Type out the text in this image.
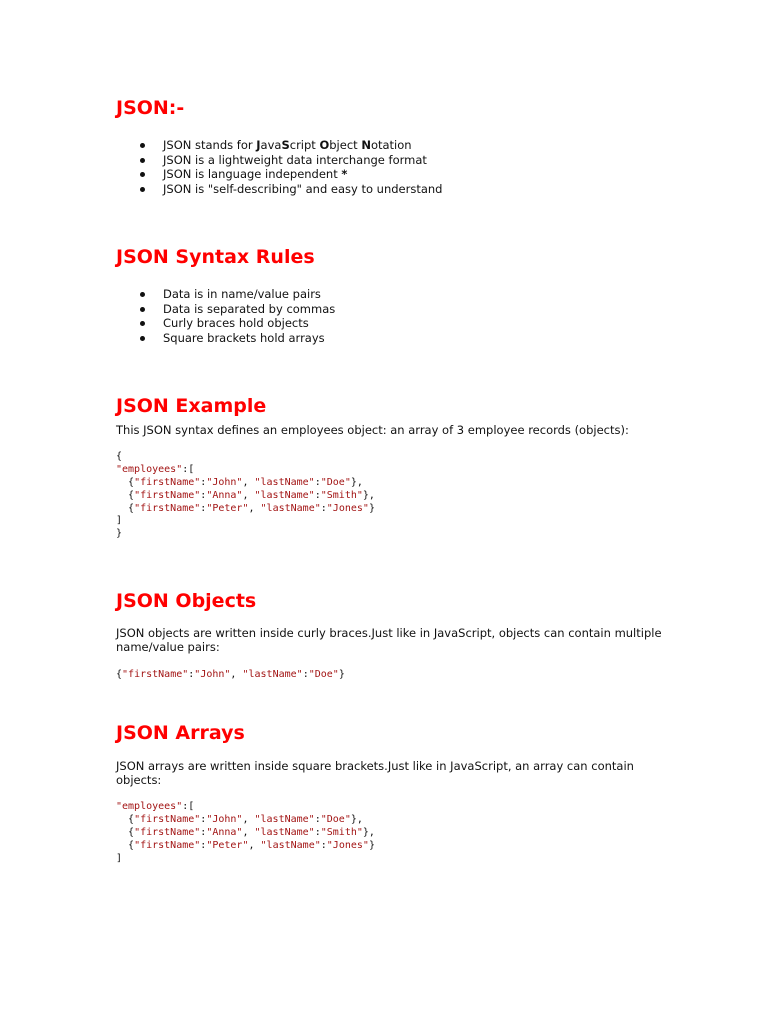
JSON:-
JSON stands for JavaScript Object Notation
JSON is a lightweight data interchange format
JSON is language independent *
JSON is "self-describing" and easy to understand
JSON Syntax Rules
Data is in name/value pairs
Data is separated by commas
Curly braces hold objects
Square brackets hold arrays
JSON Example

This JSON syntax defines an employees object: an array of 3 employee records (objects):

{
"employees":[
{"firstName":"John", "lastName":"Doe"},
{"firstName":"Anna", "lastName":"Smith"},
{"firstName":"Peter", "lastName":"Jones"}
]
}
JSON Objects

JSON objects are written inside curly braces.Just like in JavaScript, objects can contain multiple name/value pairs:

{"firstName":"John", "lastName":"Doe"}
JSON Arrays

JSON arrays are written inside square brackets.Just like in JavaScript, an array can contain objects:

"employees":[
{"firstName":"John", "lastName":"Doe"},
{"firstName":"Anna", "lastName":"Smith"},
{"firstName":"Peter", "lastName":"Jones"}
]
